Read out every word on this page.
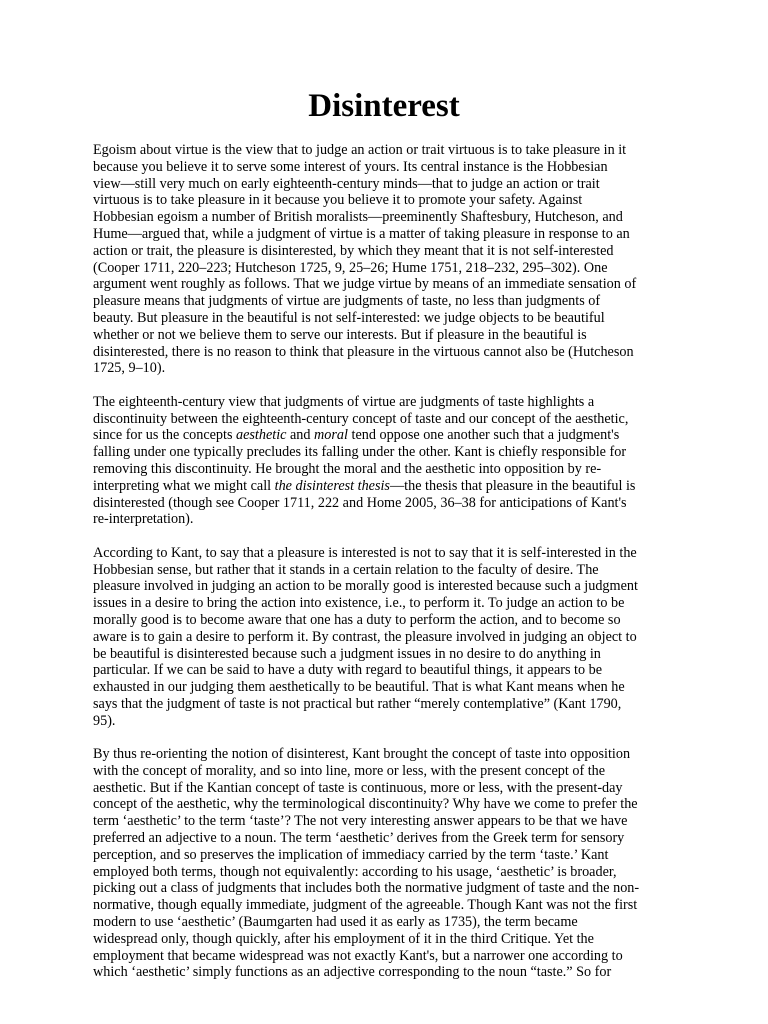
Disinterest
Egoism about virtue is the view that to judge an action or trait virtuous is to take pleasure in it
because you believe it to serve some interest of yours. Its central instance is the Hobbesian
view—still very much on early eighteenth-century minds—that to judge an action or trait
virtuous is to take pleasure in it because you believe it to promote your safety. Against
Hobbesian egoism a number of British moralists—preeminently Shaftesbury, Hutcheson, and
Hume—argued that, while a judgment of virtue is a matter of taking pleasure in response to an
action or trait, the pleasure is disinterested, by which they meant that it is not self-interested
(Cooper 1711, 220–223; Hutcheson 1725, 9, 25–26; Hume 1751, 218–232, 295–302). One
argument went roughly as follows. That we judge virtue by means of an immediate sensation of
pleasure means that judgments of virtue are judgments of taste, no less than judgments of
beauty. But pleasure in the beautiful is not self-interested: we judge objects to be beautiful
whether or not we believe them to serve our interests. But if pleasure in the beautiful is
disinterested, there is no reason to think that pleasure in the virtuous cannot also be (Hutcheson
1725, 9–10).
The eighteenth-century view that judgments of virtue are judgments of taste highlights a
discontinuity between the eighteenth-century concept of taste and our concept of the aesthetic,
since for us the concepts aesthetic and moral tend oppose one another such that a judgment's
falling under one typically precludes its falling under the other. Kant is chiefly responsible for
removing this discontinuity. He brought the moral and the aesthetic into opposition by re-
interpreting what we might call the disinterest thesis—the thesis that pleasure in the beautiful is
disinterested (though see Cooper 1711, 222 and Home 2005, 36–38 for anticipations of Kant's
re-interpretation).
According to Kant, to say that a pleasure is interested is not to say that it is self-interested in the
Hobbesian sense, but rather that it stands in a certain relation to the faculty of desire. The
pleasure involved in judging an action to be morally good is interested because such a judgment
issues in a desire to bring the action into existence, i.e., to perform it. To judge an action to be
morally good is to become aware that one has a duty to perform the action, and to become so
aware is to gain a desire to perform it. By contrast, the pleasure involved in judging an object to
be beautiful is disinterested because such a judgment issues in no desire to do anything in
particular. If we can be said to have a duty with regard to beautiful things, it appears to be
exhausted in our judging them aesthetically to be beautiful. That is what Kant means when he
says that the judgment of taste is not practical but rather “merely contemplative” (Kant 1790,
95).
By thus re-orienting the notion of disinterest, Kant brought the concept of taste into opposition
with the concept of morality, and so into line, more or less, with the present concept of the
aesthetic. But if the Kantian concept of taste is continuous, more or less, with the present-day
concept of the aesthetic, why the terminological discontinuity? Why have we come to prefer the
term ‘aesthetic’ to the term ‘taste’? The not very interesting answer appears to be that we have
preferred an adjective to a noun. The term ‘aesthetic’ derives from the Greek term for sensory
perception, and so preserves the implication of immediacy carried by the term ‘taste.’ Kant
employed both terms, though not equivalently: according to his usage, ‘aesthetic’ is broader,
picking out a class of judgments that includes both the normative judgment of taste and the non-
normative, though equally immediate, judgment of the agreeable. Though Kant was not the first
modern to use ‘aesthetic’ (Baumgarten had used it as early as 1735), the term became
widespread only, though quickly, after his employment of it in the third Critique. Yet the
employment that became widespread was not exactly Kant's, but a narrower one according to
which ‘aesthetic’ simply functions as an adjective corresponding to the noun “taste.” So for
